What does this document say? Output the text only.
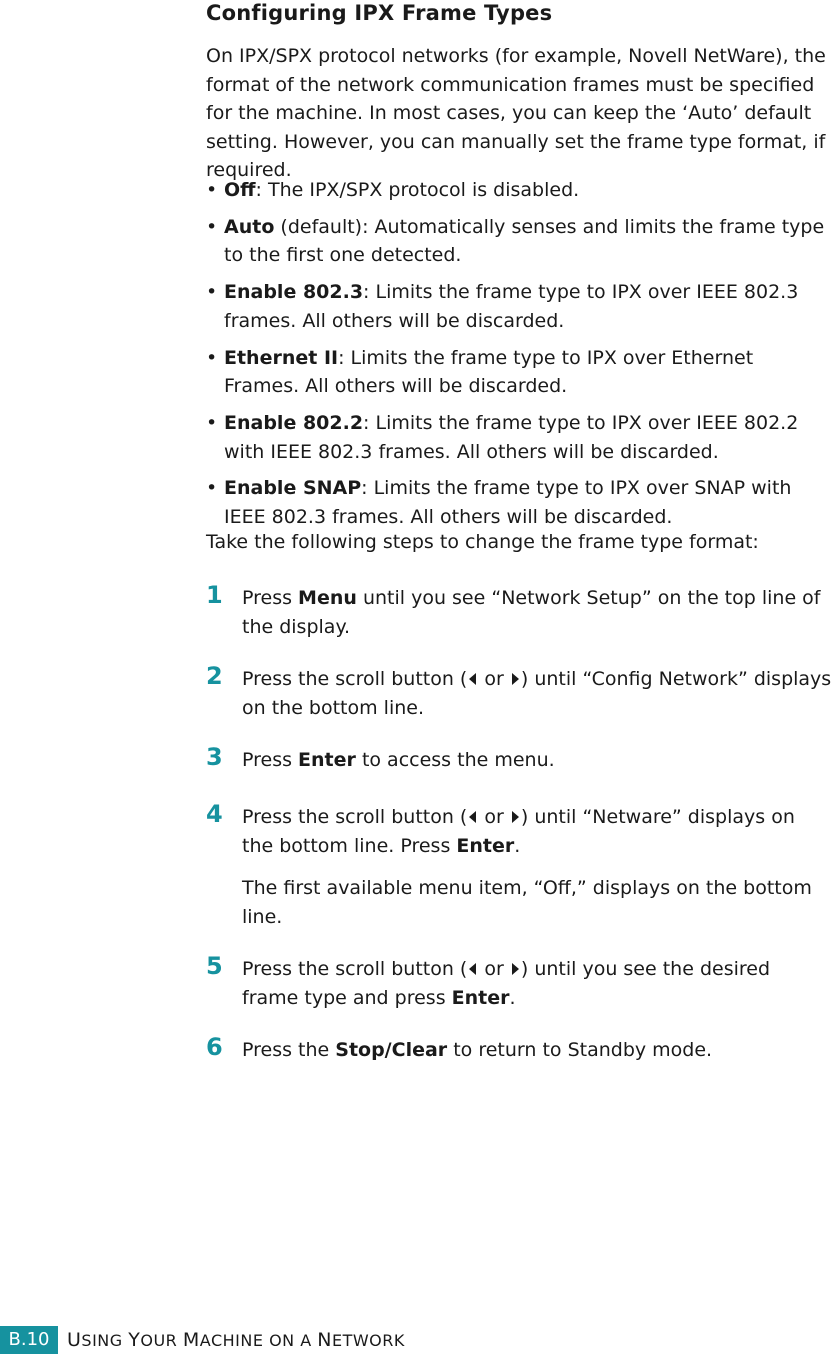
Configuring IPX Frame Types

On IPX/SPX protocol networks (for example, Novell NetWare), the format of the network communication frames must be specified for the machine. In most cases, you can keep the ‘Auto’ default setting. However, you can manually set the frame type format, if required.

• Off: The IPX/SPX protocol is disabled.
• Auto (default): Automatically senses and limits the frame type to the first one detected.
• Enable 802.3: Limits the frame type to IPX over IEEE 802.3 frames. All others will be discarded.
• Ethernet II: Limits the frame type to IPX over Ethernet Frames. All others will be discarded.
• Enable 802.2: Limits the frame type to IPX over IEEE 802.2 with IEEE 802.3 frames. All others will be discarded.
• Enable SNAP: Limits the frame type to IPX over SNAP with IEEE 802.3 frames. All others will be discarded.

Take the following steps to change the frame type format:

1 Press Menu until you see “Network Setup” on the top line of the display.

2 Press the scroll button ( or ) until “Config Network” displays on the bottom line.

3 Press Enter to access the menu.

4 Press the scroll button ( or ) until “Netware” displays on the bottom line. Press Enter.

The first available menu item, “Off,” displays on the bottom line.

5 Press the scroll button ( or ) until you see the desired frame type and press Enter.

6 Press the Stop/Clear to return to Standby mode.

B.10 USING YOUR MACHINE ON A NETWORK
